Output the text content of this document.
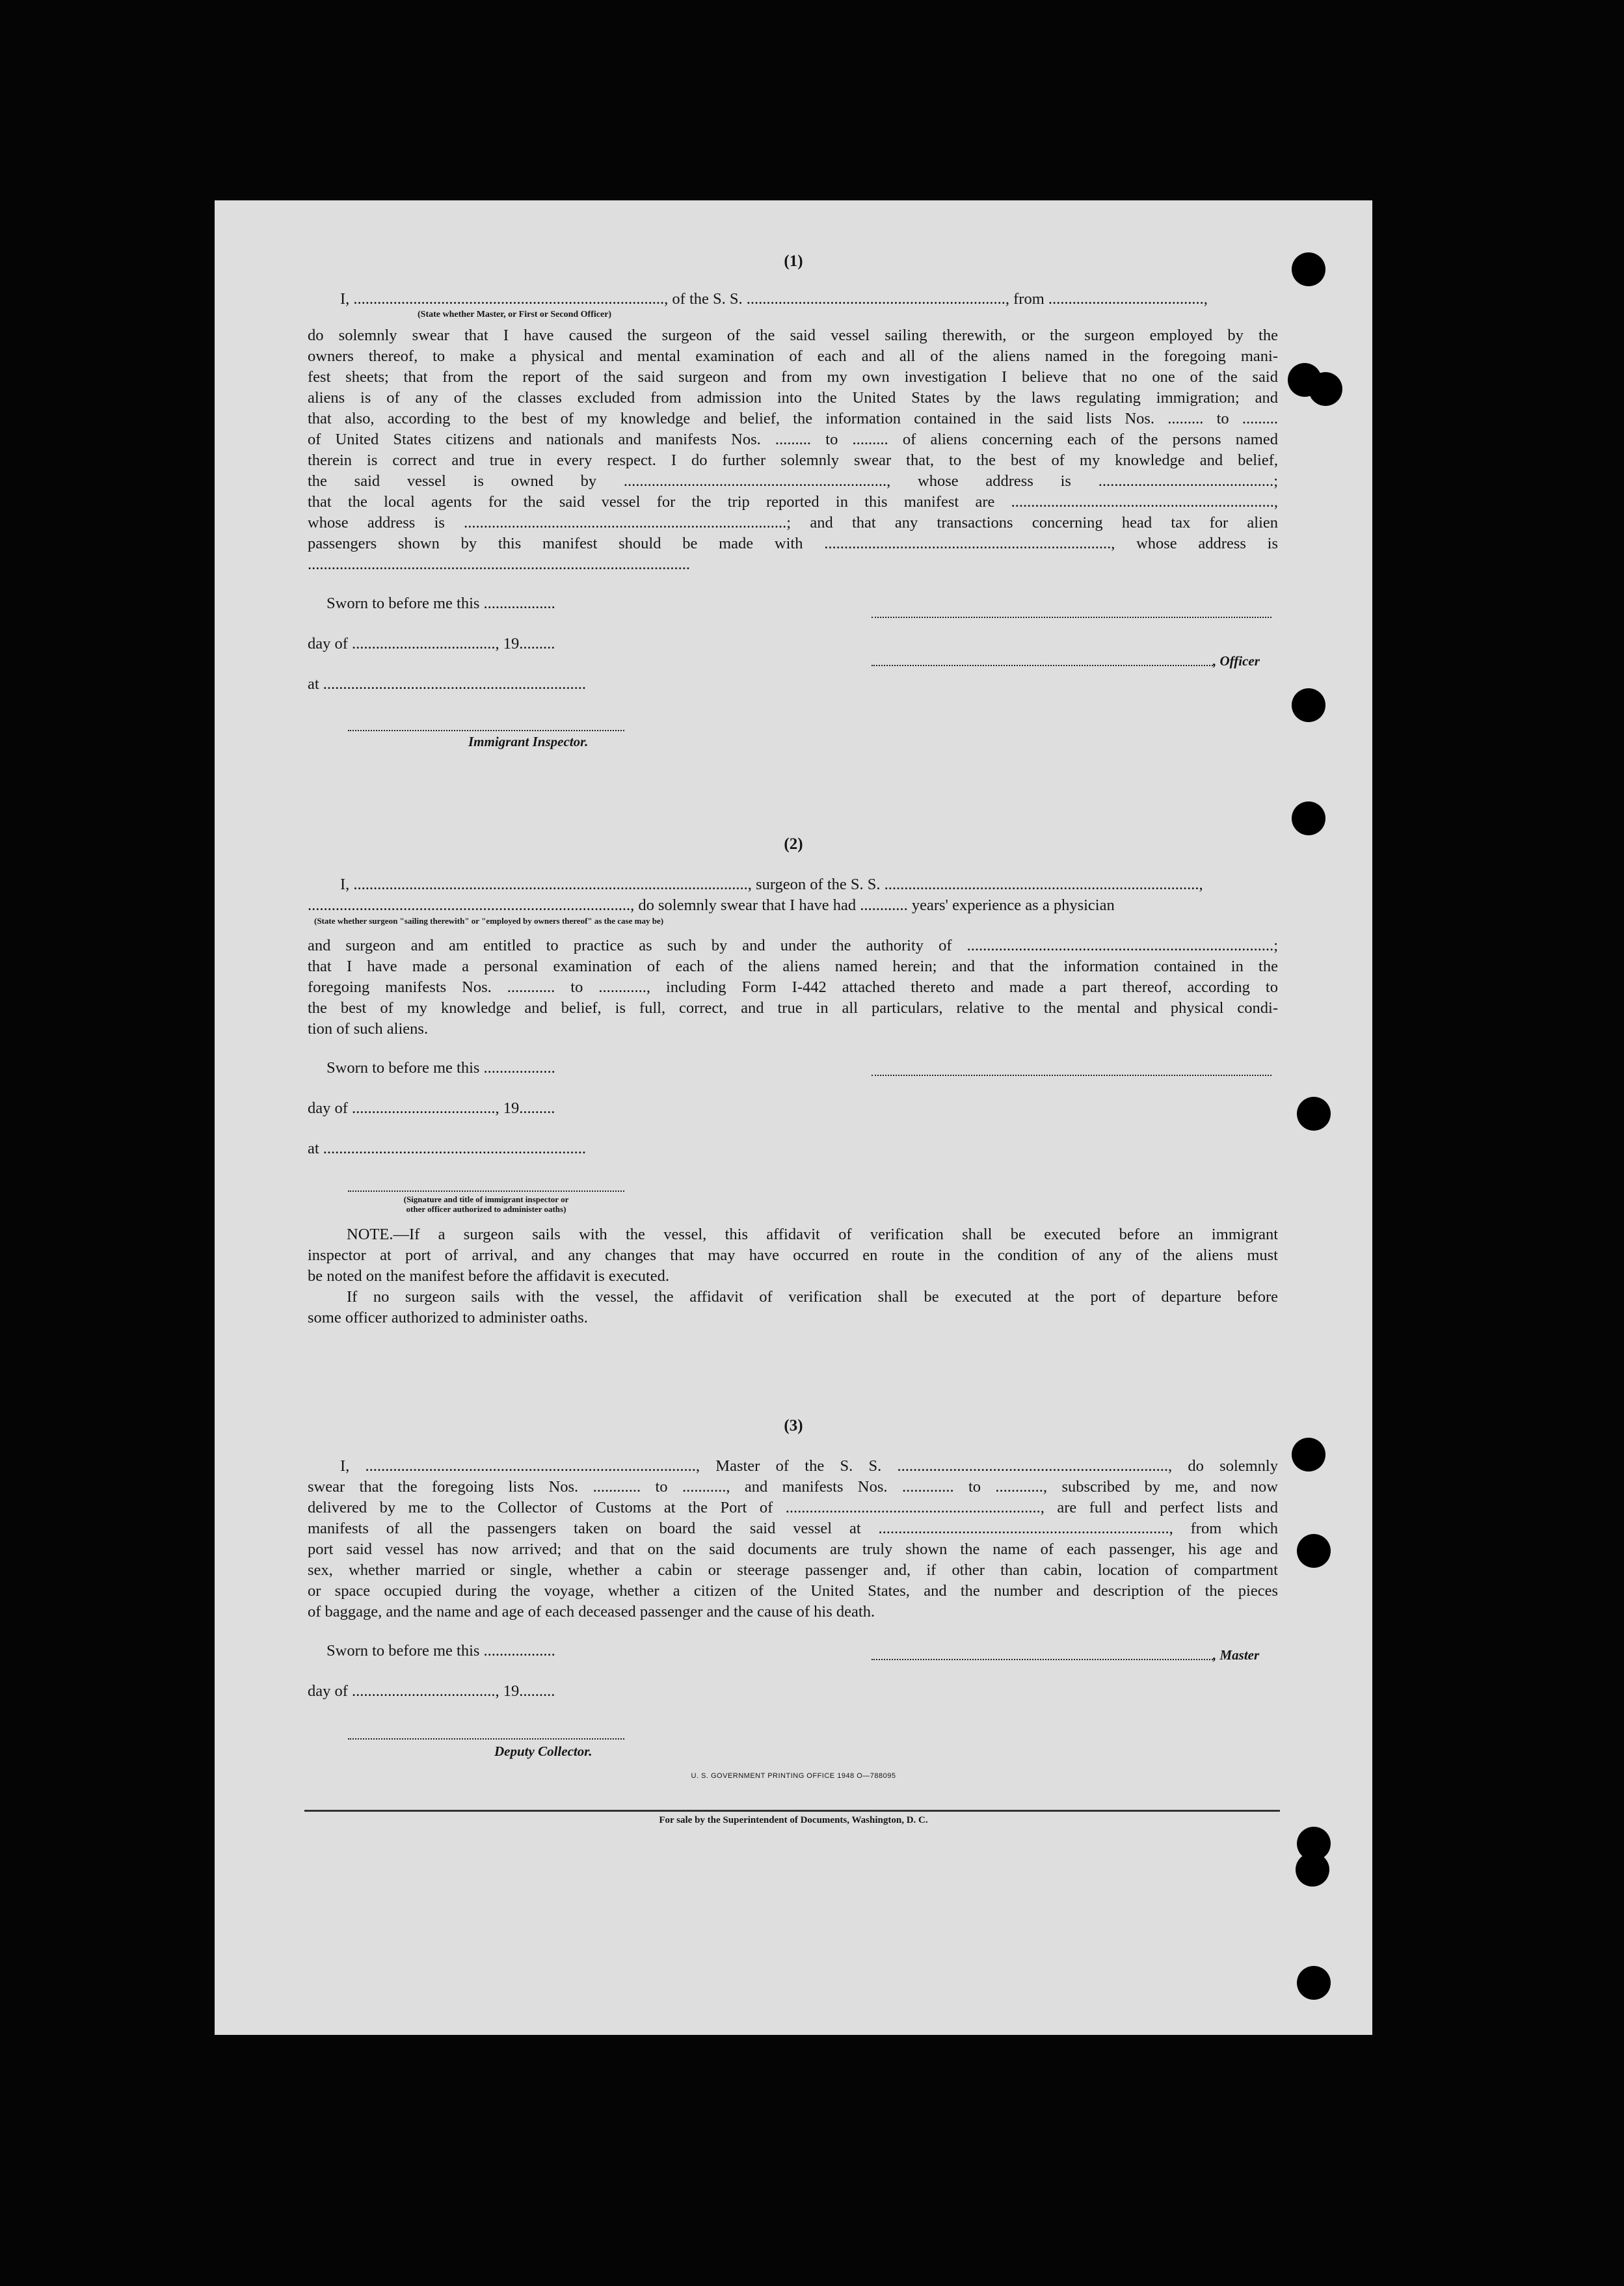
(1)
I, .............................................................................., of the S. S. ................................................................., from .......................................,
(State whether Master, or First or Second Officer)
do solemnly swear that I have caused the surgeon of the said vessel sailing therewith, or the surgeon employed by the
owners thereof, to make a physical and mental examination of each and all of the aliens named in the foregoing mani-
fest sheets; that from the report of the said surgeon and from my own investigation I believe that no one of the said
aliens is of any of the classes excluded from admission into the United States by the laws regulating immigration; and
that also, according to the best of my knowledge and belief, the information contained in the said lists Nos. ......... to .........
of United States citizens and nationals and manifests Nos. ......... to ......... of aliens concerning each of the persons named
therein is correct and true in every respect. I do further solemnly swear that, to the best of my knowledge and belief,
the said vessel is owned by .................................................................., whose address is ............................................;
that the local agents for the said vessel for the trip reported in this manifest are ..................................................................,
whose address is .................................................................................; and that any transactions concerning head tax for alien
passengers shown by this manifest should be made with ........................................................................, whose address is
................................................................................................
Sworn to before me this ..................
day of ...................................., 19.........
at ..................................................................
Immigrant Inspector.
, Officer
(2)
I, ..................................................................................................., surgeon of the S. S. ...............................................................................,
................................................................................., do solemnly swear that I have had ............ years' experience as a physician
(State whether surgeon "sailing therewith" or "employed by owners thereof" as the case may be)
and surgeon and am entitled to practice as such by and under the authority of .............................................................................;
that I have made a personal examination of each of the aliens named herein; and that the information contained in the
foregoing manifests Nos. ............ to ............, including Form I-442 attached thereto and made a part thereof, according to
the best of my knowledge and belief, is full, correct, and true in all particulars, relative to the mental and physical condi-
tion of such aliens.
Sworn to before me this ..................
day of ...................................., 19.........
at ..................................................................
(Signature and title of immigrant inspector or
other officer authorized to administer oaths)
NOTE.—If a surgeon sails with the vessel, this affidavit of verification shall be executed before an immigrant
inspector at port of arrival, and any changes that may have occurred en route in the condition of any of the aliens must
be noted on the manifest before the affidavit is executed.
If no surgeon sails with the vessel, the affidavit of verification shall be executed at the port of departure before
some officer authorized to administer oaths.
(3)
I, ..................................................................................., Master of the S. S. ...................................................................., do solemnly
swear that the foregoing lists Nos. ............ to ..........., and manifests Nos. ............. to ............, subscribed by me, and now
delivered by me to the Collector of Customs at the Port of ................................................................, are full and perfect lists and
manifests of all the passengers taken on board the said vessel at ........................................................................., from which
port said vessel has now arrived; and that on the said documents are truly shown the name of each passenger, his age and
sex, whether married or single, whether a cabin or steerage passenger and, if other than cabin, location of compartment
or space occupied during the voyage, whether a citizen of the United States, and the number and description of the pieces
of baggage, and the name and age of each deceased passenger and the cause of his death.
Sworn to before me this ..................
day of ...................................., 19.........
, Master
Deputy Collector.
U. S. GOVERNMENT PRINTING OFFICE 1948 O—788095
For sale by the Superintendent of Documents, Washington, D. C.
